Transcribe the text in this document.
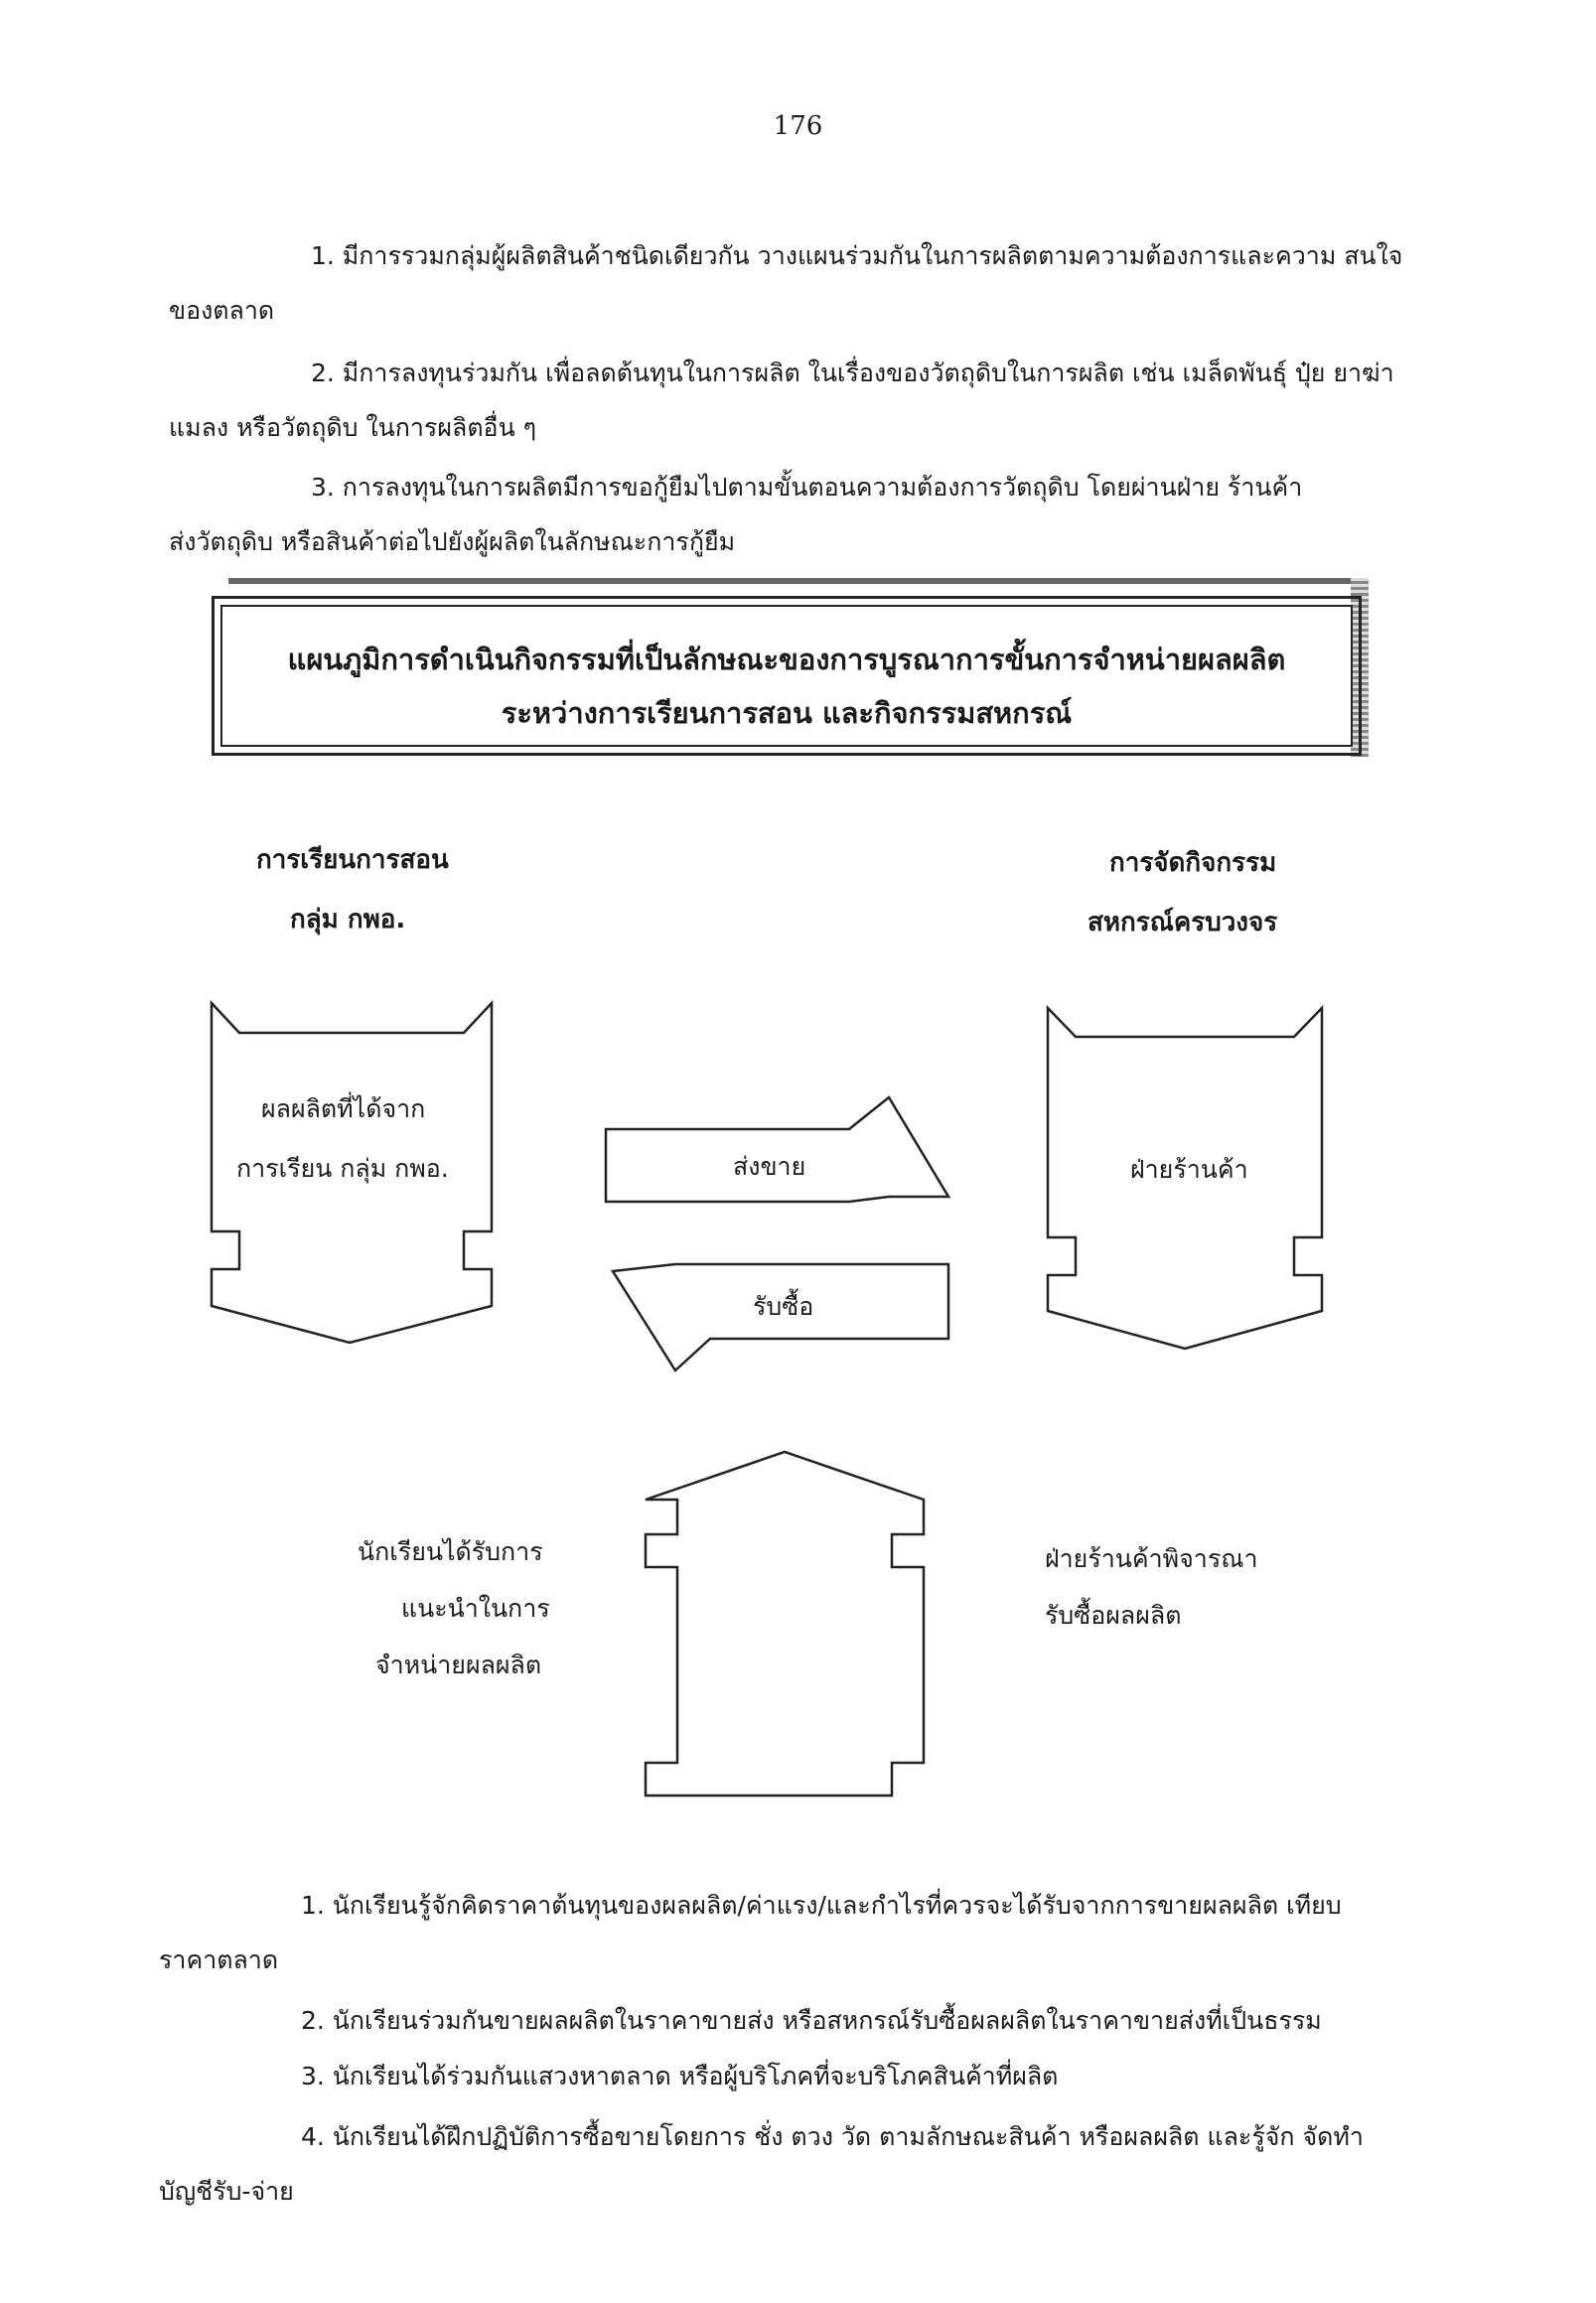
176
1. มีการรวมกลุ่มผู้ผลิตสินค้าชนิดเดียวกัน วางแผนร่วมกันในการผลิตตามความต้องการและความ สนใจ
ของตลาด
2. มีการลงทุนร่วมกัน เพื่อลดต้นทุนในการผลิต ในเรื่องของวัตถุดิบในการผลิต เช่น เมล็ดพันธุ์ ปุ๋ย ยาฆ่า
แมลง หรือวัตถุดิบ ในการผลิตอื่น ๆ
3. การลงทุนในการผลิตมีการขอกู้ยืมไปตามขั้นตอนความต้องการวัตถุดิบ โดยผ่านฝ่าย ร้านค้า
ส่งวัตถุดิบ หรือสินค้าต่อไปยังผู้ผลิตในลักษณะการกู้ยืม
แผนภูมิการดำเนินกิจกรรมที่เป็นลักษณะของการบูรณาการขั้นการจำหน่ายผลผลิต
ระหว่างการเรียนการสอน และกิจกรรมสหกรณ์
การเรียนการสอน
กลุ่ม กพอ.
การจัดกิจกรรม
สหกรณ์ครบวงจร
ผลผลิตที่ได้จาก
การเรียน กลุ่ม กพอ.	ฝ่ายร้านค้า
ส่งขาย
รับซื้อ
นักเรียนได้รับการ
แนะนำในการ
จำหน่ายผลผลิต
ฝ่ายร้านค้าพิจารณา
รับซื้อผลผลิต
1. นักเรียนรู้จักคิดราคาต้นทุนของผลผลิต/ค่าแรง/และกำไรที่ควรจะได้รับจากการขายผลผลิต เทียบ
ราคาตลาด
2. นักเรียนร่วมกันขายผลผลิตในราคาขายส่ง หรือสหกรณ์รับซื้อผลผลิตในราคาขายส่งที่เป็นธรรม
3. นักเรียนได้ร่วมกันแสวงหาตลาด หรือผู้บริโภคที่จะบริโภคสินค้าที่ผลิต
4. นักเรียนได้ฝึกปฏิบัติการซื้อขายโดยการ ชั่ง ตวง วัด ตามลักษณะสินค้า หรือผลผลิต และรู้จัก จัดทำ
บัญชีรับ-จ่าย
